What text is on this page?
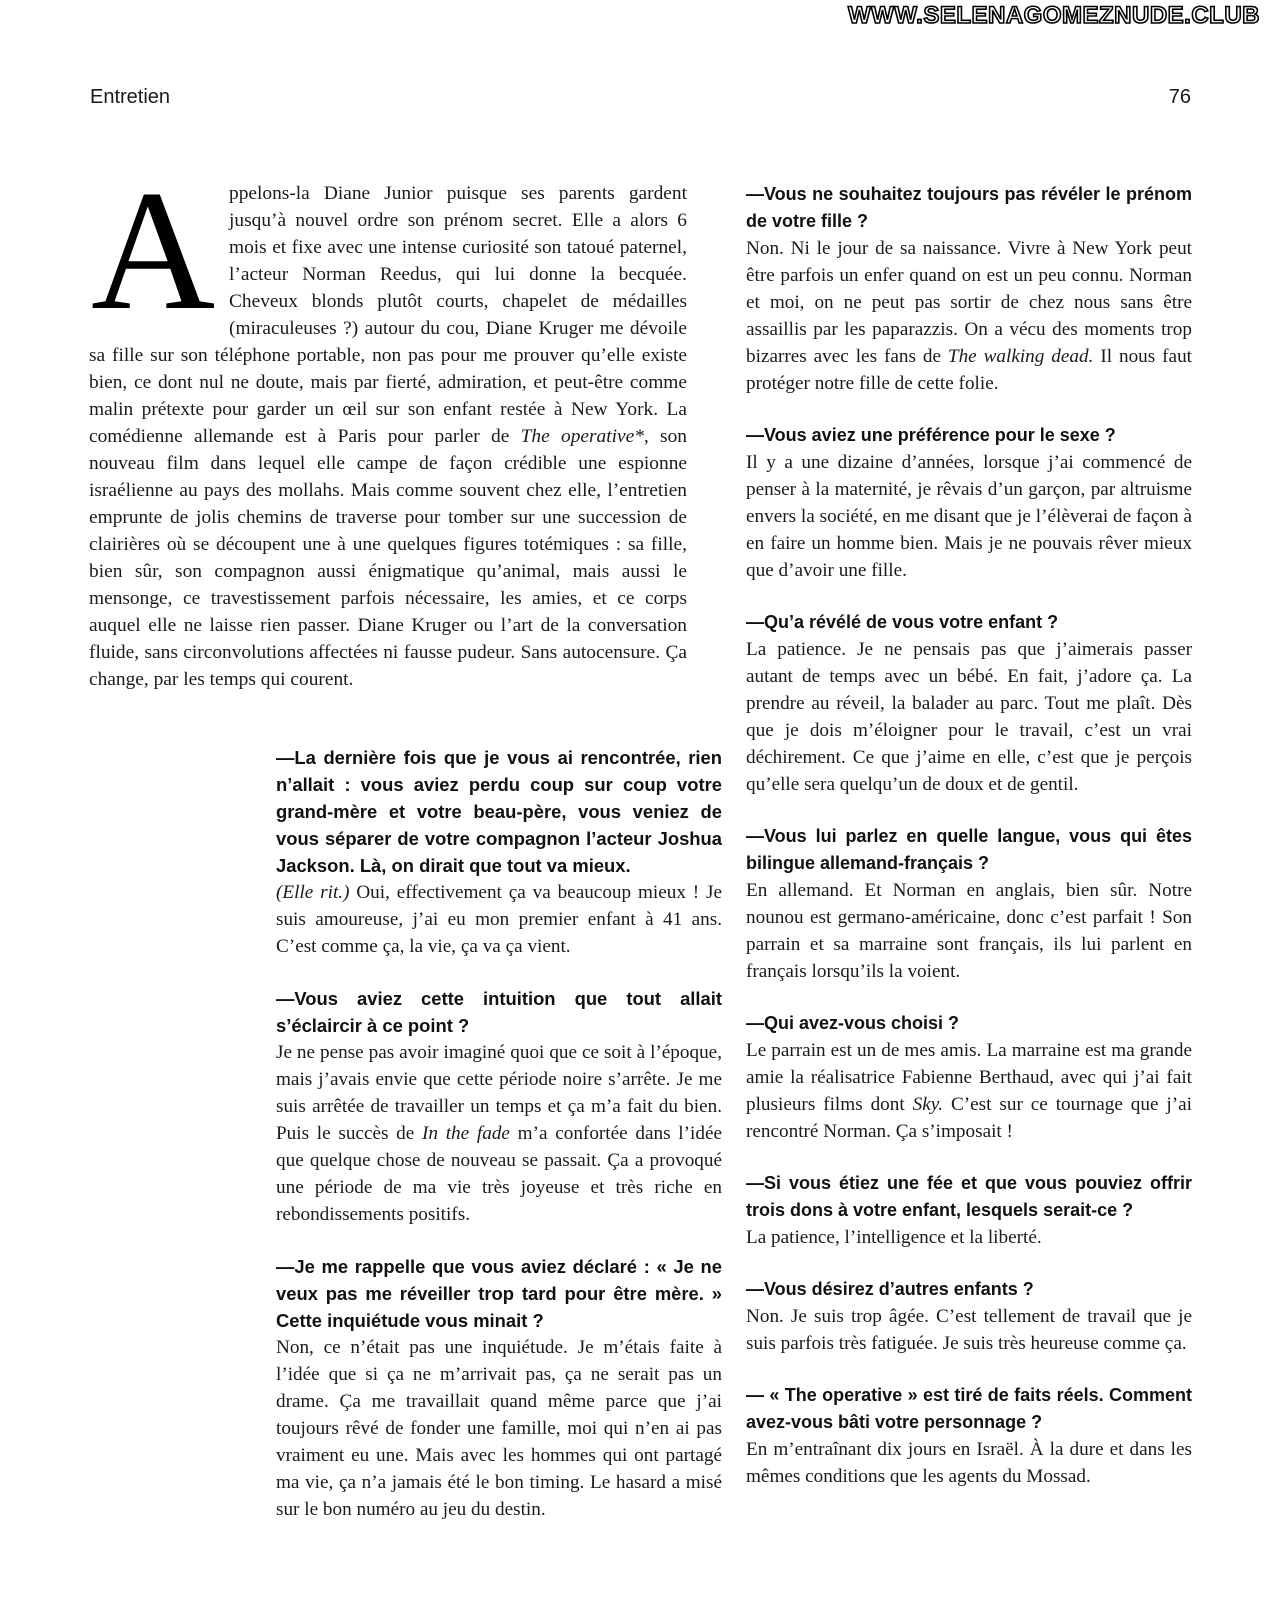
WWW.SELENAGOMEZNUDE.CLUB
Entretien	76

Appelons-la Diane Junior puisque ses parents gardent jusqu’à nouvel ordre son prénom secret. Elle a alors 6 mois et fixe avec une intense curiosité son tatoué paternel, l’acteur Norman Reedus, qui lui donne la becquée. Cheveux blonds plutôt courts, chapelet de médailles (miraculeuses ?) autour du cou, Diane Kruger me dévoile sa fille sur son téléphone portable, non pas pour me prouver qu’elle existe bien, ce dont nul ne doute, mais par fierté, admiration, et peut-être comme malin prétexte pour garder un œil sur son enfant restée à New York. La comédienne allemande est à Paris pour parler de The operative*, son nouveau film dans lequel elle campe de façon crédible une espionne israélienne au pays des mollahs. Mais comme souvent chez elle, l’entretien emprunte de jolis chemins de traverse pour tomber sur une succession de clairières où se découpent une à une quelques figures totémiques : sa fille, bien sûr, son compagnon aussi énigmatique qu’animal, mais aussi le mensonge, ce travestissement parfois nécessaire, les amies, et ce corps auquel elle ne laisse rien passer. Diane Kruger ou l’art de la conversation fluide, sans circonvolutions affectées ni fausse pudeur. Sans autocensure. Ça change, par les temps qui courent.

—La dernière fois que je vous ai rencontrée, rien n’allait : vous aviez perdu coup sur coup votre grand-mère et votre beau-père, vous veniez de vous séparer de votre compagnon l’acteur Joshua Jackson. Là, on dirait que tout va mieux.

(Elle rit.) Oui, effectivement ça va beaucoup mieux ! Je suis amoureuse, j’ai eu mon premier enfant à 41 ans. C’est comme ça, la vie, ça va ça vient.

—Vous aviez cette intuition que tout allait s’éclaircir à ce point ?

Je ne pense pas avoir imaginé quoi que ce soit à l’époque, mais j’avais envie que cette période noire s’arrête. Je me suis arrêtée de travailler un temps et ça m’a fait du bien. Puis le succès de In the fade m’a confortée dans l’idée que quelque chose de nouveau se passait. Ça a provoqué une période de ma vie très joyeuse et très riche en rebondissements positifs.

—Je me rappelle que vous aviez déclaré : « Je ne veux pas me réveiller trop tard pour être mère. » Cette inquiétude vous minait ?

Non, ce n’était pas une inquiétude. Je m’étais faite à l’idée que si ça ne m’arrivait pas, ça ne serait pas un drame. Ça me travaillait quand même parce que j’ai toujours rêvé de fonder une famille, moi qui n’en ai pas vraiment eu une. Mais avec les hommes qui ont partagé ma vie, ça n’a jamais été le bon timing. Le hasard a misé sur le bon numéro au jeu du destin.

—Vous ne souhaitez toujours pas révéler le prénom de votre fille ?

Non. Ni le jour de sa naissance. Vivre à New York peut être parfois un enfer quand on est un peu connu. Norman et moi, on ne peut pas sortir de chez nous sans être assaillis par les paparazzis. On a vécu des moments trop bizarres avec les fans de The walking dead. Il nous faut protéger notre fille de cette folie.

—Vous aviez une préférence pour le sexe ?

Il y a une dizaine d’années, lorsque j’ai commencé de penser à la maternité, je rêvais d’un garçon, par altruisme envers la société, en me disant que je l’élèverai de façon à en faire un homme bien. Mais je ne pouvais rêver mieux que d’avoir une fille.

—Qu’a révélé de vous votre enfant ?

La patience. Je ne pensais pas que j’aimerais passer autant de temps avec un bébé. En fait, j’adore ça. La prendre au réveil, la balader au parc. Tout me plaît. Dès que je dois m’éloigner pour le travail, c’est un vrai déchirement. Ce que j’aime en elle, c’est que je perçois qu’elle sera quelqu’un de doux et de gentil.

—Vous lui parlez en quelle langue, vous qui êtes bilingue allemand-français ?

En allemand. Et Norman en anglais, bien sûr. Notre nounou est germano-américaine, donc c’est parfait ! Son parrain et sa marraine sont français, ils lui parlent en français lorsqu’ils la voient.

—Qui avez-vous choisi ?

Le parrain est un de mes amis. La marraine est ma grande amie la réalisatrice Fabienne Berthaud, avec qui j’ai fait plusieurs films dont Sky. C’est sur ce tournage que j’ai rencontré Norman. Ça s’imposait !

—Si vous étiez une fée et que vous pouviez offrir trois dons à votre enfant, lesquels serait-ce ?

La patience, l’intelligence et la liberté.

—Vous désirez d’autres enfants ?

Non. Je suis trop âgée. C’est tellement de travail que je suis parfois très fatiguée. Je suis très heureuse comme ça.

— « The operative » est tiré de faits réels. Comment avez-vous bâti votre personnage ?

En m’entraînant dix jours en Israël. À la dure et dans les mêmes conditions que les agents du Mossad.
